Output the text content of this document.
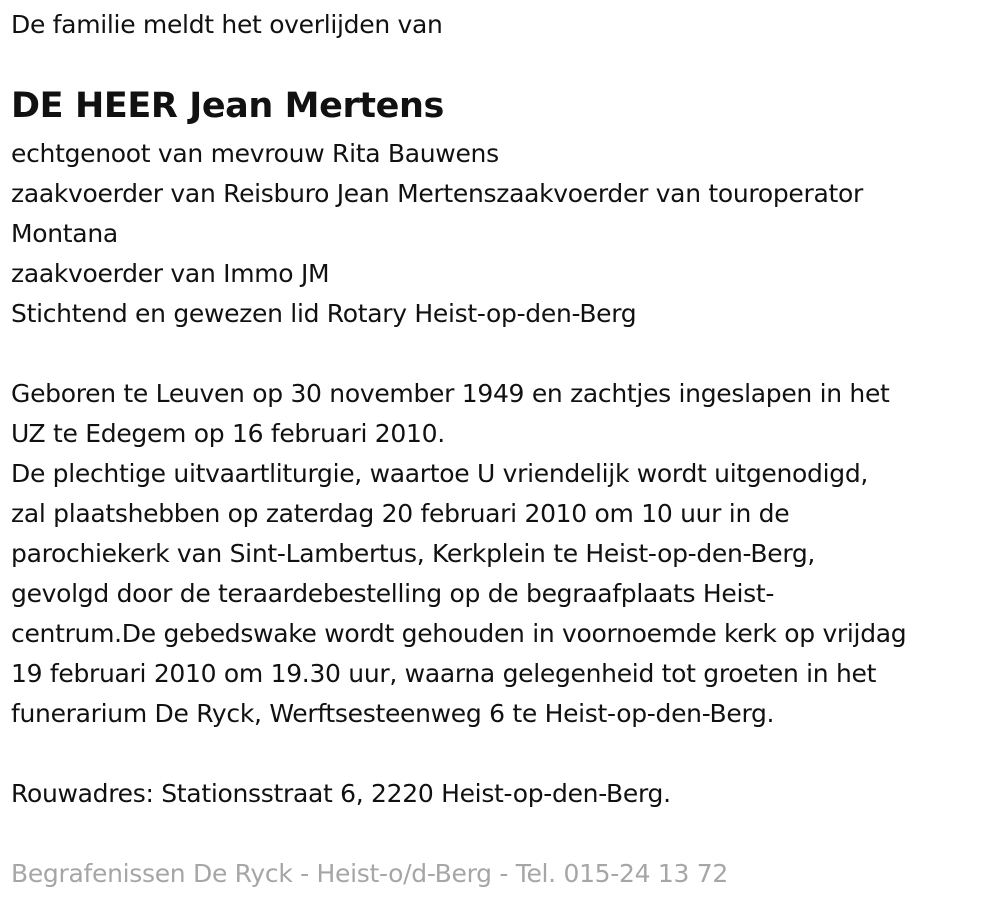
De familie meldt het overlijden van
DE HEER Jean Mertens
echtgenoot van mevrouw Rita Bauwens
zaakvoerder van Reisburo Jean Mertenszaakvoerder van touroperator
Montana
zaakvoerder van Immo JM
Stichtend en gewezen lid Rotary Heist-op-den-Berg
Geboren te Leuven op 30 november 1949 en zachtjes ingeslapen in het
UZ te Edegem op 16 februari 2010.
De plechtige uitvaartliturgie, waartoe U vriendelijk wordt uitgenodigd,
zal plaatshebben op zaterdag 20 februari 2010 om 10 uur in de
parochiekerk van Sint-Lambertus, Kerkplein te Heist-op-den-Berg,
gevolgd door de teraardebestelling op de begraafplaats Heist-
centrum.De gebedswake wordt gehouden in voornoemde kerk op vrijdag
19 februari 2010 om 19.30 uur, waarna gelegenheid tot groeten in het
funerarium De Ryck, Werftsesteenweg 6 te Heist-op-den-Berg.
Rouwadres: Stationsstraat 6, 2220 Heist-op-den-Berg.
Begrafenissen De Ryck - Heist-o/d-Berg - Tel. 015-24 13 72
